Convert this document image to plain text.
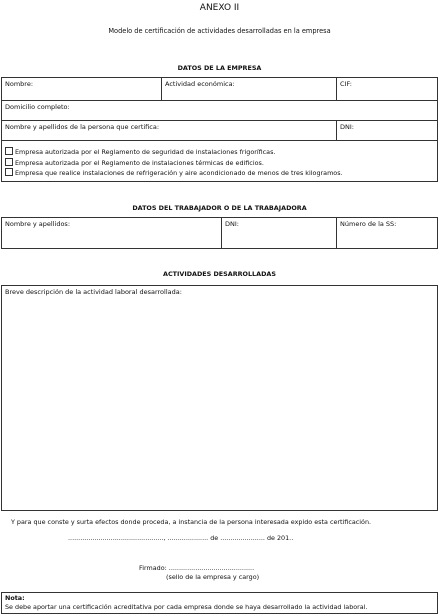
ANEXO II
Modelo de certificación de actividades desarrolladas en la empresa
DATOS DE LA EMPRESA
Nombre:	Actividad económica:	CIF:
Domicilio completo:
Nombre y apellidos de la persona que certifica:	DNI:
Empresa autorizada por el Reglamento de seguridad de instalaciones frigoríficas.
Empresa autorizada por el Reglamento de instalaciones térmicas de edificios.
Empresa que realice instalaciones de refrigeración y aire acondicionado de menos de tres kilogramos.
DATOS DEL TRABAJADOR O DE LA TRABAJADORA
Nombre y apellidos:	DNI:	Número de la SS:
ACTIVIDADES DESARROLLADAS
Breve descripción de la actividad laboral desarrollada:
Y para que conste y surta efectos donde proceda, a instancia de la persona interesada expido esta certificación.
..............................................., .................... de ...................... de 201..
Firmado: ..........................................
(sello de la empresa y cargo)
Nota:
Se debe aportar una certificación acreditativa por cada empresa donde se haya desarrollado la actividad laboral.
